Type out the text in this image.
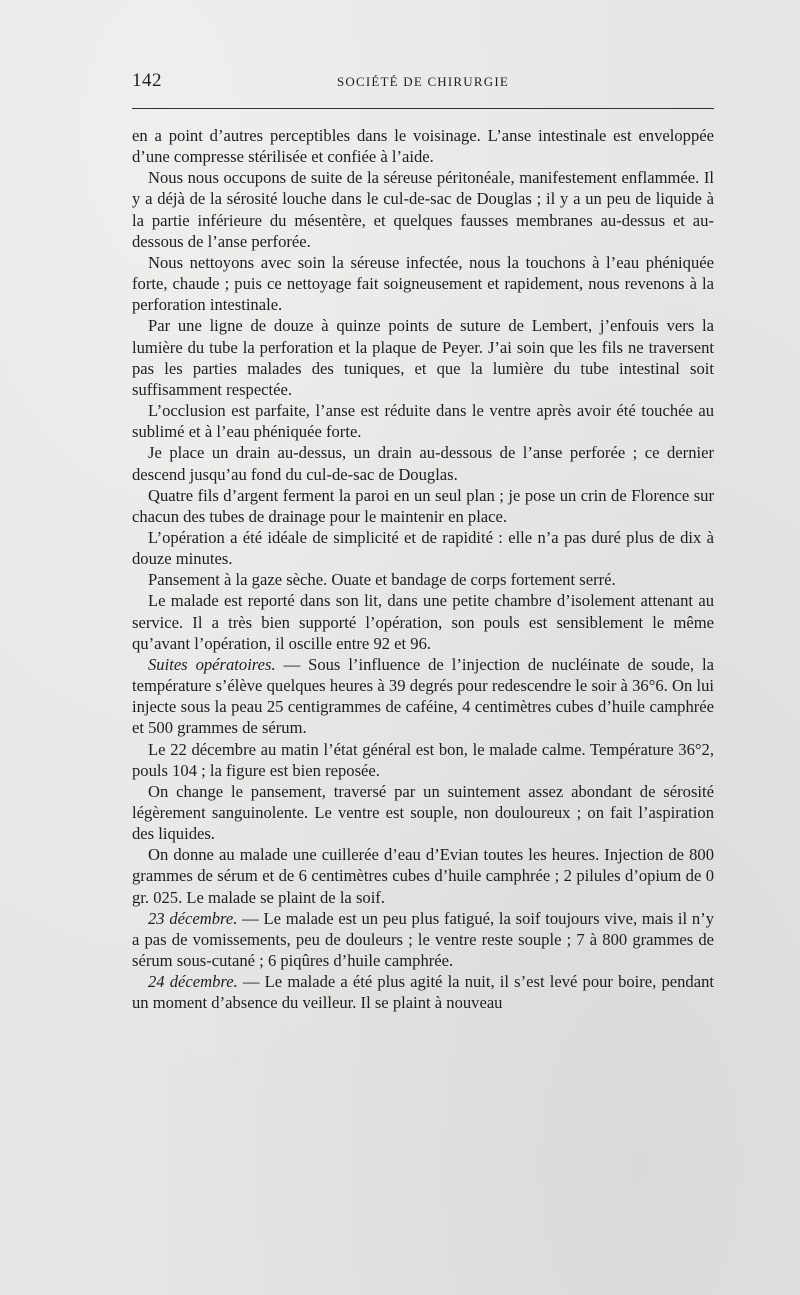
142	SOCIÉTÉ DE CHIRURGIE

en a point d’autres perceptibles dans le voisinage. L’anse intestinale est enveloppée d’une compresse stérilisée et confiée à l’aide.

Nous nous occupons de suite de la séreuse péritonéale, manifestement enflammée. Il y a déjà de la sérosité louche dans le cul-de-sac de Douglas ; il y a un peu de liquide à la partie inférieure du mésentère, et quelques fausses membranes au-dessus et au-dessous de l’anse perforée.

Nous nettoyons avec soin la séreuse infectée, nous la touchons à l’eau phéniquée forte, chaude ; puis ce nettoyage fait soigneusement et rapidement, nous revenons à la perforation intestinale.

Par une ligne de douze à quinze points de suture de Lembert, j’enfouis vers la lumière du tube la perforation et la plaque de Peyer. J’ai soin que les fils ne traversent pas les parties malades des tuniques, et que la lumière du tube intestinal soit suffisamment respectée.

L’occlusion est parfaite, l’anse est réduite dans le ventre après avoir été touchée au sublimé et à l’eau phéniquée forte.

Je place un drain au-dessus, un drain au-dessous de l’anse perforée ; ce dernier descend jusqu’au fond du cul-de-sac de Douglas.

Quatre fils d’argent ferment la paroi en un seul plan ; je pose un crin de Florence sur chacun des tubes de drainage pour le maintenir en place.

L’opération a été idéale de simplicité et de rapidité : elle n’a pas duré plus de dix à douze minutes.

Pansement à la gaze sèche. Ouate et bandage de corps fortement serré.

Le malade est reporté dans son lit, dans une petite chambre d’isolement attenant au service. Il a très bien supporté l’opération, son pouls est sensiblement le même qu’avant l’opération, il oscille entre 92 et 96.

Suites opératoires. — Sous l’influence de l’injection de nucléinate de soude, la température s’élève quelques heures à 39 degrés pour redescendre le soir à 36°6. On lui injecte sous la peau 25 centigrammes de caféine, 4 centimètres cubes d’huile camphrée et 500 grammes de sérum.

Le 22 décembre au matin l’état général est bon, le malade calme. Température 36°2, pouls 104 ; la figure est bien reposée.

On change le pansement, traversé par un suintement assez abondant de sérosité légèrement sanguinolente. Le ventre est souple, non douloureux ; on fait l’aspiration des liquides.

On donne au malade une cuillerée d’eau d’Evian toutes les heures. Injection de 800 grammes de sérum et de 6 centimètres cubes d’huile camphrée ; 2 pilules d’opium de 0 gr. 025. Le malade se plaint de la soif.

23 décembre. — Le malade est un peu plus fatigué, la soif toujours vive, mais il n’y a pas de vomissements, peu de douleurs ; le ventre reste souple ; 7 à 800 grammes de sérum sous-cutané ; 6 piqûres d’huile camphrée.

24 décembre. — Le malade a été plus agité la nuit, il s’est levé pour boire, pendant un moment d’absence du veilleur. Il se plaint à nouveau
